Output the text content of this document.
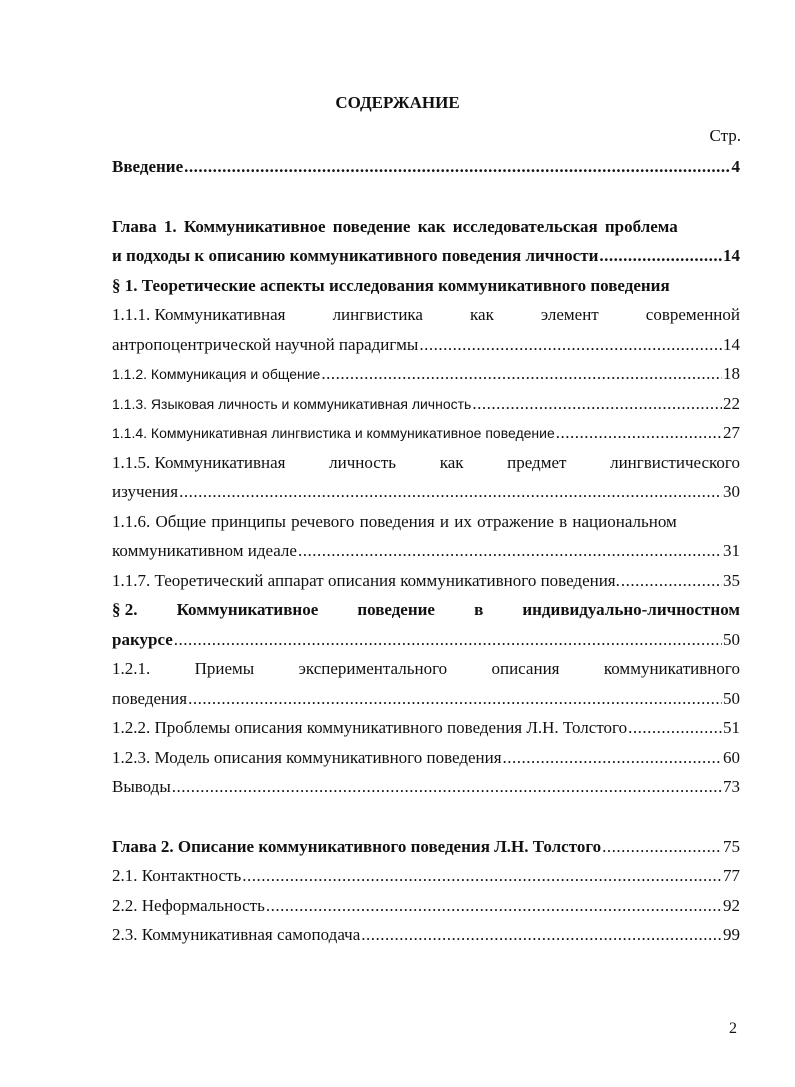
СОДЕРЖАНИЕ
Стр.
Введение .....	4
Глава 1. Коммуникативное поведение как исследовательская проблема
и подходы к описанию коммуникативного поведения личности .....	14
§ 1. Теоретические аспекты исследования коммуникативного поведения
1.1.1. Коммуникативная	лингвистика	как	элемент	современной
антропоцентрической научной парадигмы .....	14
1.1.2. Коммуникация и общение .....	18
1.1.3. Языковая личность и коммуникативная личность .....	22
1.1.4. Коммуникативная лингвистика и коммуникативное поведение .....	27
1.1.5. Коммуникативная	личность	как	предмет	лингвистического
изучения .....	30
1.1.6. Общие принципы речевого поведения и их отражение в национальном
коммуникативном идеале .....	31
1.1.7. Теоретический аппарат описания коммуникативного поведения. .....	35
§ 2. Коммуникативное поведение в индивидуально-личностном
ракурсе .....	50
1.2.1.	Приемы	экспериментального	описания	коммуникативного
поведения .....	50
1.2.2. Проблемы описания коммуникативного поведения Л.Н. Толстого .....	51
1.2.3. Модель описания коммуникативного поведения .....	60
Выводы .....	73
Глава 2. Описание коммуникативного поведения Л.Н. Толстого .....	75
2.1. Контактность .....	77
2.2. Неформальность .....	92
2.3. Коммуникативная самоподача .....	99
2
